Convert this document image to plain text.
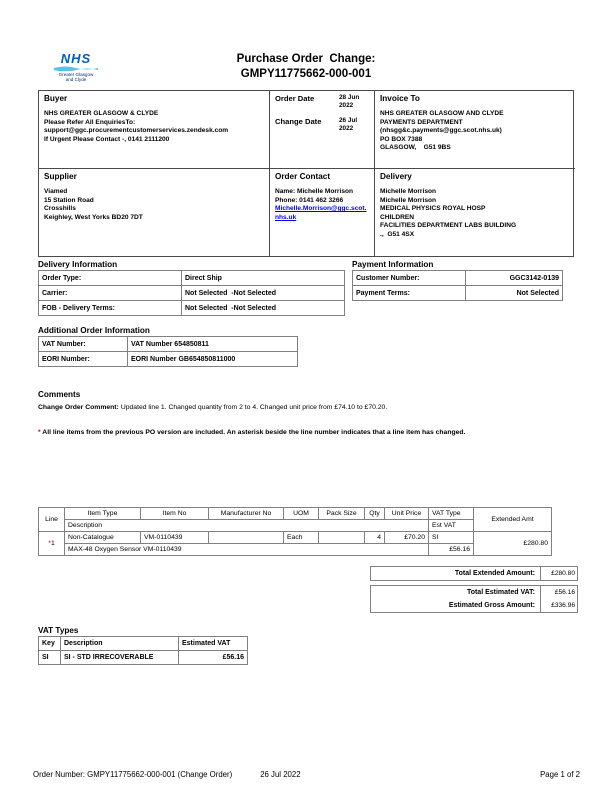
NHS
Greater Glasgow
and Clyde
Purchase Order  Change:
GMPY11775662-000-001
Buyer
NHS GREATER GLASGOW & CLYDE
Please Refer All EnquiriesTo:
support@ggc.procurementcustomerservices.zendesk.com
If Urgent Please Contact -, 0141 2111200
Order Date	28 Jun 2022
Change Date	26 Jul 2022
Invoice To
NHS GREATER GLASGOW AND CLYDE
PAYMENTS DEPARTMENT
(nhsgg&c.payments@ggc.scot.nhs.uk)
PO BOX 7388
GLASGOW,    G51 9BS
Supplier
Viamed
15 Station Road
Crosshills
Keighley, West Yorks BD20 7DT
Order Contact
Name: Michelle Morrison
Phone: 0141 462 3266
Michelle.Morrison@ggc.scot.nhs.uk
Delivery
Michelle Morrison
Michelle Morrison
MEDICAL PHYSICS ROYAL HOSP
CHILDREN
FACILITIES DEPARTMENT LABS BUILDING
.,  G51 4SX
Delivery Information
Order Type:	Direct Ship
Carrier:	Not Selected  -Not Selected
FOB - Delivery Terms:	Not Selected  -Not Selected
Payment Information
Customer Number:	GGC3142-0139
Payment Terms:	Not Selected
Additional Order Information
VAT Number:	VAT Number 654850811
EORI Number:	EORI Number GB654850811000
Comments
Change Order Comment: Updated line 1. Changed quantity from 2 to 4. Changed unit price from £74.10 to £70.20.
* All line items from the previous PO version are included. An asterisk beside the line number indicates that a line item has changed.
Line	Item Type	Item No	Manufacturer No	UOM	Pack Size	Qty	Unit Price	VAT Type	Extended Amt
	Description							Est VAT	
*1	Non-Catalogue	VM-0110439		Each		4	£70.20	SI	£280.80
	MAX-48 Oxygen Sensor VM-0110439							£56.16	
Total Extended Amount:	£280.80
Total Estimated VAT:	£56.16
Estimated Gross Amount:	£336.96
VAT Types
Key	Description	Estimated VAT
SI	SI - STD IRRECOVERABLE	£56.16
Order Number: GMPY11775662-000-001 (Change Order)	26 Jul 2022	Page 1 of 2
